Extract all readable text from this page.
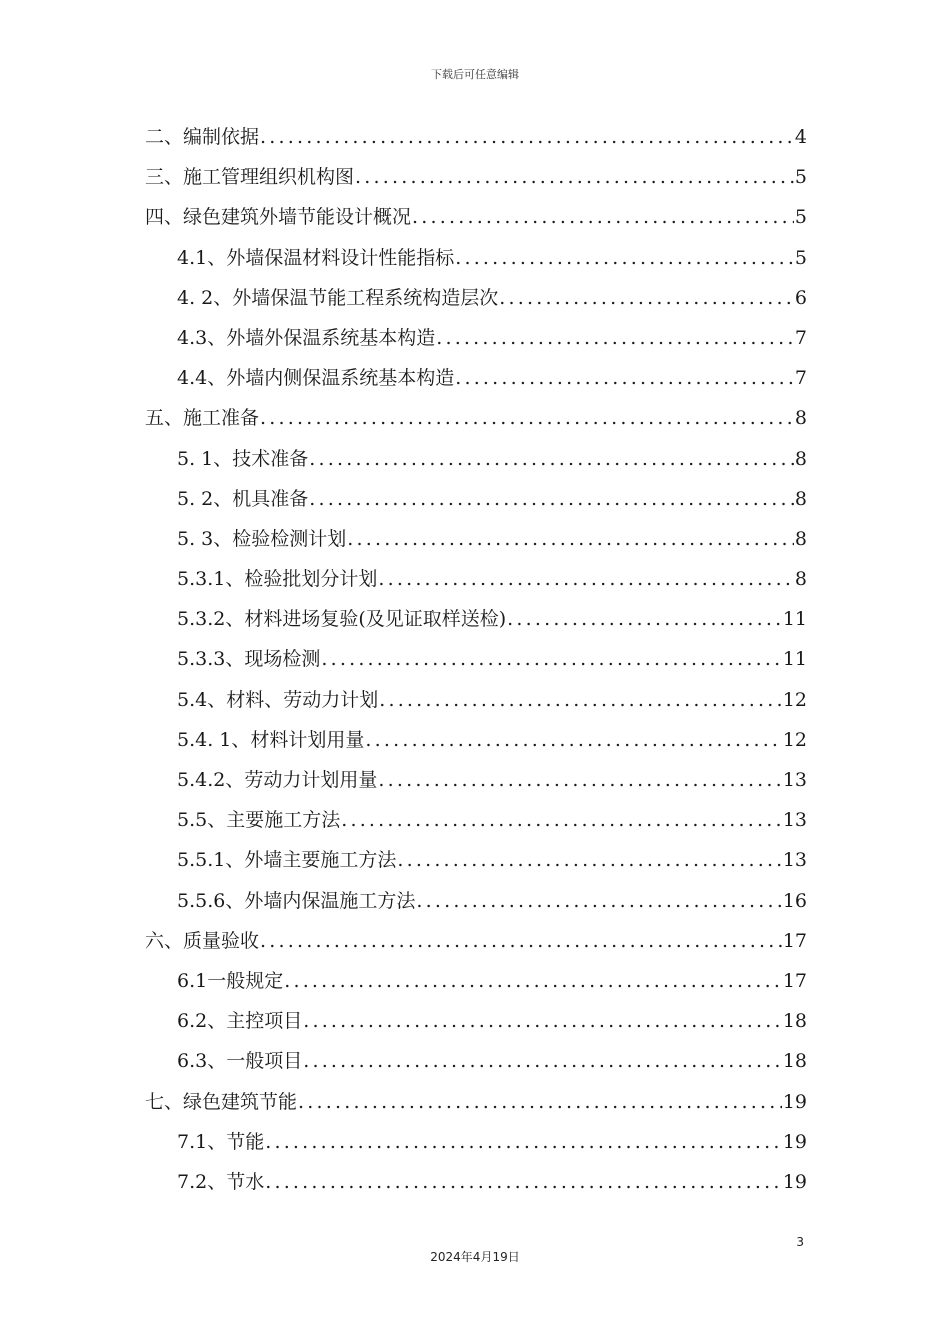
下载后可任意编辑
二、编制依据 .....	4
三、施工管理组织机构图 .....	5
四、绿色建筑外墙节能设计概况 .....	5
4.1、外墙保温材料设计性能指标 .....	5
4. 2、外墙保温节能工程系统构造层次 .....	6
4.3、外墙外保温系统基本构造 .....	7
4.4、外墙内侧保温系统基本构造 .....	7
五、施工准备 .....	8
5. 1、技术准备 .....	8
5. 2、机具准备 .....	8
5. 3、检验检测计划 .....	8
5.3.1、检验批划分计划 .....	8
5.3.2、材料进场复验(及见证取样送检) .....	11
5.3.3、现场检测 .....	11
5.4、材料、劳动力计划 .....	12
5.4. 1、材料计划用量 .....	12
5.4.2、劳动力计划用量 .....	13
5.5、主要施工方法 .....	13
5.5.1、外墙主要施工方法 .....	13
5.5.6、外墙内保温施工方法 .....	16
六、质量验收 .....	17
6.1一般规定 .....	17
6.2、主控项目 .....	18
6.3、一般项目 .....	18
七、绿色建筑节能 .....	19
7.1、节能 .....	19
7.2、节水 .....	19
3
2024年4月19日
